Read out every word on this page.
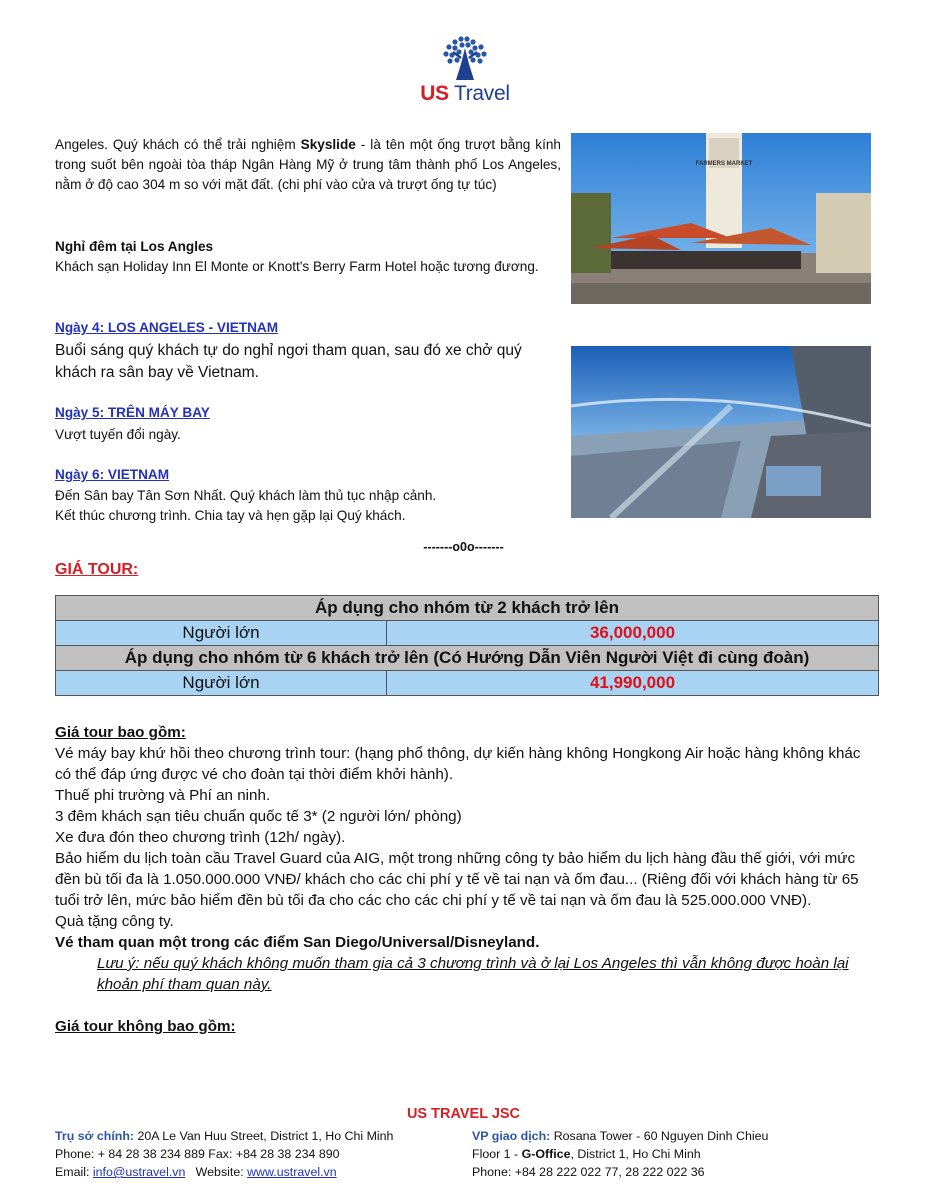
US Travel
Angeles. Quý khách có thể trải nghiệm Skyslide - là tên một ống trượt bằng kính trong suốt bên ngoài tòa tháp Ngân Hàng Mỹ ở trung tâm thành phố Los Angeles, nằm ở độ cao 304 m so với mặt đất. (chi phí vào cửa và trượt ống tự túc)
Nghỉ đêm tại Los Angles
Khách sạn Holiday Inn El Monte or Knott's Berry Farm Hotel hoặc tương đương.
Ngày 4: LOS ANGELES - VIETNAM
Buổi sáng quý khách tự do nghỉ ngơi tham quan, sau đó xe chở quý khách ra sân bay về Vietnam.
Ngày 5: TRÊN MÁY BAY
Vượt tuyến đổi ngày.
Ngày 6: VIETNAM
Đến Sân bay Tân Sơn Nhất. Quý khách làm thủ tục nhập cảnh.
Kết thúc chương trình. Chia tay và hẹn gặp lại Quý khách.
FARMERS MARKET
-------o0o-------
GIÁ TOUR:
Áp dụng cho nhóm từ 2 khách trở lên	
Người lớn	36,000,000
Áp dụng cho nhóm từ 6 khách trở lên (Có Hướng Dẫn Viên Người Việt đi cùng đoàn)	
Người lớn	41,990,000
Giá tour bao gồm:
Vé máy bay khứ hồi theo chương trình tour: (hạng phổ thông, dự kiến hàng không Hongkong Air hoặc hàng không khác có thể đáp ứng được vé cho đoàn tại thời điểm khởi hành).
Thuế phi trường và Phí an ninh.
3 đêm khách sạn tiêu chuẩn quốc tế 3* (2 người lớn/ phòng)
Xe đưa đón theo chương trình (12h/ ngày).
Bảo hiểm du lịch toàn cầu Travel Guard của AIG, một trong những công ty bảo hiểm du lịch hàng đầu thế giới, với mức đền bù tối đa là 1.050.000.000 VNĐ/ khách cho các chi phí y tế về tai nạn và ốm đau... (Riêng đối với khách hàng từ 65 tuổi trở lên, mức bảo hiểm đền bù tối đa cho các cho các chi phí y tế về tai nạn và ốm đau là 525.000.000 VNĐ).
Quà tặng công ty.
Vé tham quan một trong các điểm San Diego/Universal/Disneyland.
Lưu ý: nếu quý khách không muốn tham gia cả 3 chương trình và ở lại Los Angeles thì vẫn không được hoàn lại khoản phí tham quan này.
Giá tour không bao gồm:
US TRAVEL JSC
Trụ sở chính: 20A Le Van Huu Street, District 1, Ho Chi Minh
Phone: + 84 28 38 234 889 Fax: +84 28 38 234 890
Email: info@ustravel.vn   Website: www.ustravel.vn
VP giao dịch: Rosana Tower - 60 Nguyen Dinh Chieu
Floor 1 - G-Office, District 1, Ho Chi Minh
Phone: +84 28 222 022 77, 28 222 022 36
